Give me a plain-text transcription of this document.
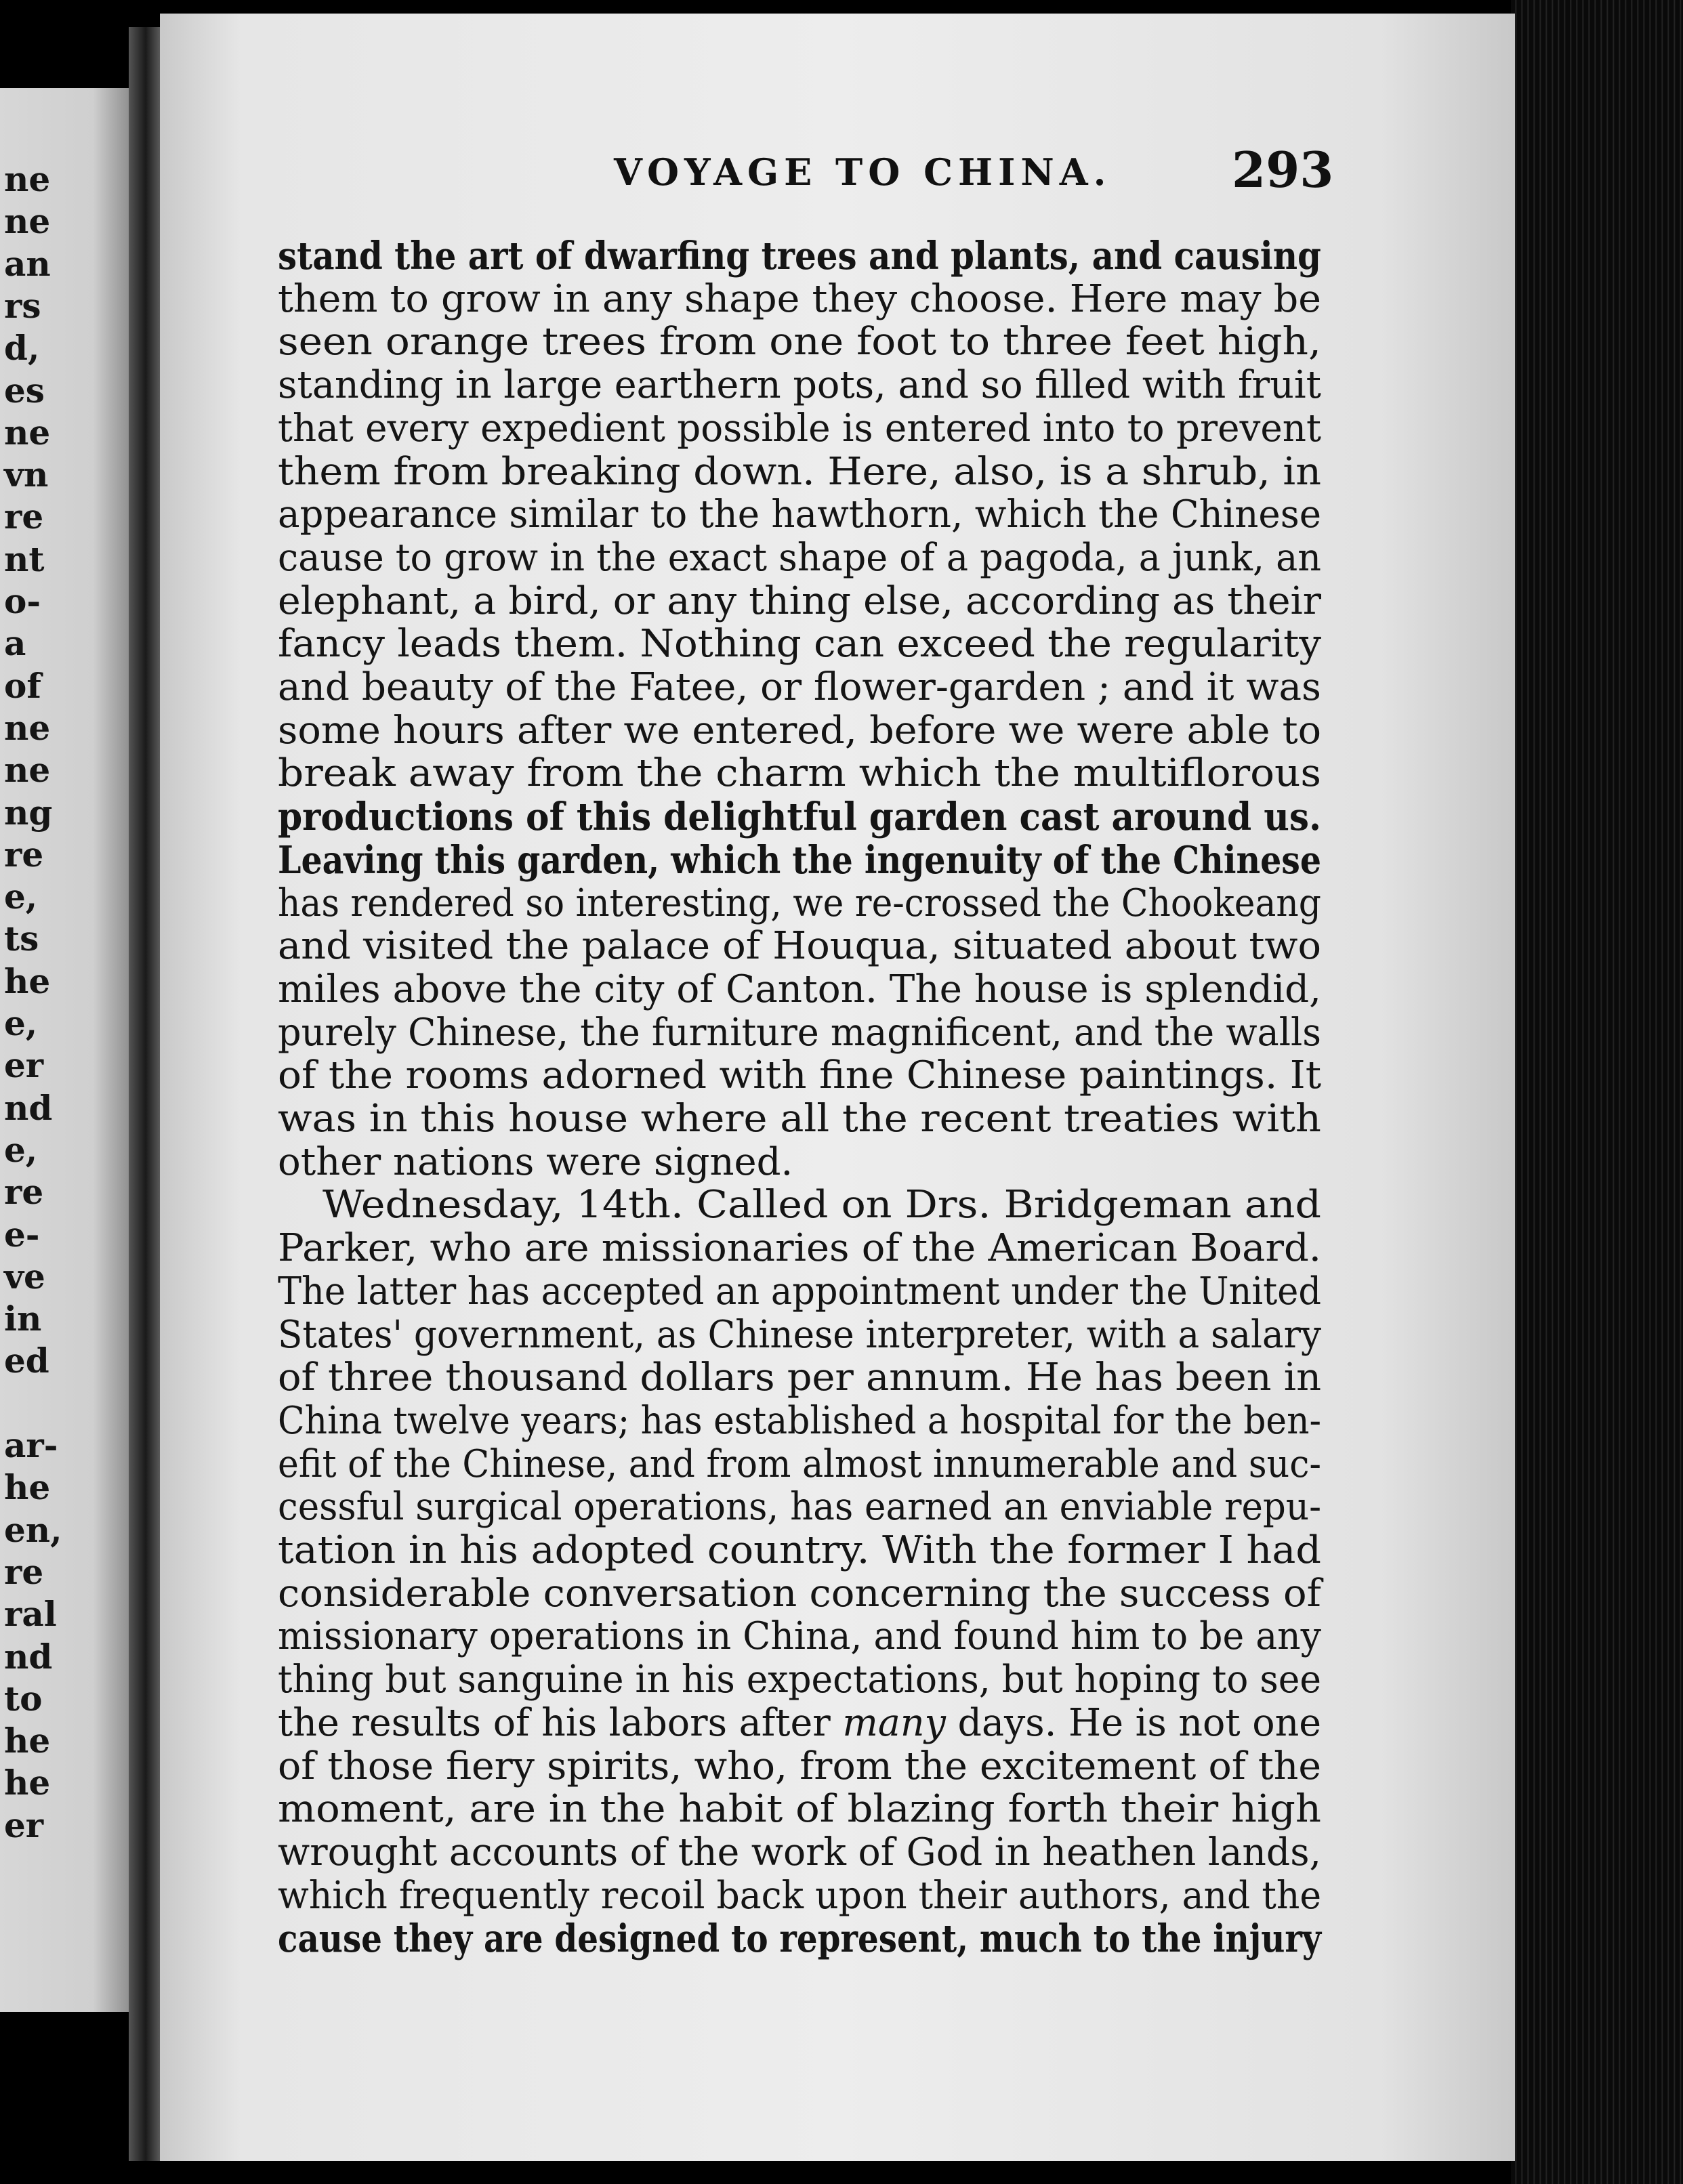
ne
ne
an
rs
d,
es
ne
vn
re
nt
o-
a
of
ne
ne
ng
re
e,
ts
he
e,
er
nd
e,
re
e-
ve
in
ed
ar-
he
en,
re
ral
nd
to
he
he
er
VOYAGE TO CHINA. 293
stand the art of dwarfing trees and plants, and causing
them to grow in any shape they choose. Here may be
seen orange trees from one foot to three feet high,
standing in large earthern pots, and so filled with fruit
that every expedient possible is entered into to prevent
them from breaking down. Here, also, is a shrub, in
appearance similar to the hawthorn, which the Chinese
cause to grow in the exact shape of a pagoda, a junk, an
elephant, a bird, or any thing else, according as their
fancy leads them. Nothing can exceed the regularity
and beauty of the Fatee, or flower-garden ; and it was
some hours after we entered, before we were able to
break away from the charm which the multiflorous
productions of this delightful garden cast around us.
Leaving this garden, which the ingenuity of the Chinese
has rendered so interesting, we re-crossed the Chookeang
and visited the palace of Houqua, situated about two
miles above the city of Canton. The house is splendid,
purely Chinese, the furniture magnificent, and the walls
of the rooms adorned with fine Chinese paintings. It
was in this house where all the recent treaties with
other nations were signed.
Wednesday, 14th. Called on Drs. Bridgeman and
Parker, who are missionaries of the American Board.
The latter has accepted an appointment under the United
States' government, as Chinese interpreter, with a salary
of three thousand dollars per annum. He has been in
China twelve years; has established a hospital for the ben-
efit of the Chinese, and from almost innumerable and suc-
cessful surgical operations, has earned an enviable repu-
tation in his adopted country. With the former I had
considerable conversation concerning the success of
missionary operations in China, and found him to be any
thing but sanguine in his expectations, but hoping to see
the results of his labors after many days. He is not one
of those fiery spirits, who, from the excitement of the
moment, are in the habit of blazing forth their high
wrought accounts of the work of God in heathen lands,
which frequently recoil back upon their authors, and the
cause they are designed to represent, much to the injury
